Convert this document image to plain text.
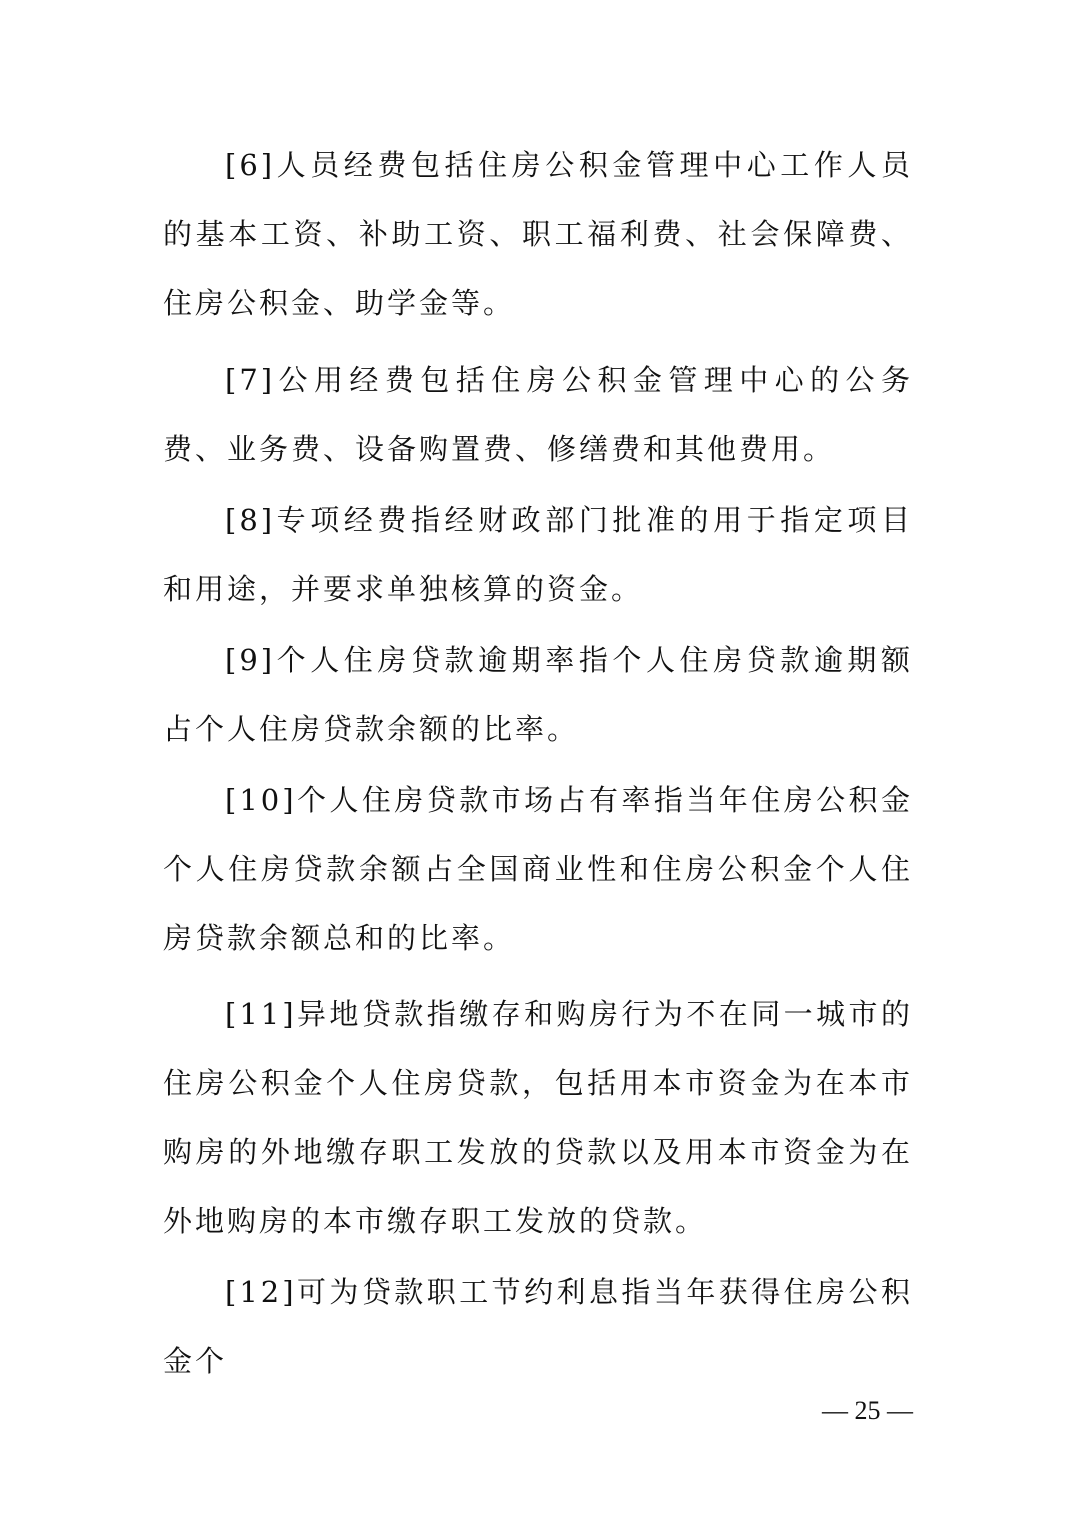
[6]人员经费包括住房公积金管理中心工作人员的基本工资、补助工资、职工福利费、社会保障费、住房公积金、助学金等。

[7]公用经费包括住房公积金管理中心的公务费、业务费、设备购置费、修缮费和其他费用。

[8]专项经费指经财政部门批准的用于指定项目和用途，并要求单独核算的资金。

[9]个人住房贷款逾期率指个人住房贷款逾期额占个人住房贷款余额的比率。

[10]个人住房贷款市场占有率指当年住房公积金个人住房贷款余额占全国商业性和住房公积金个人住房贷款余额总和的比率。

[11]异地贷款指缴存和购房行为不在同一城市的住房公积金个人住房贷款，包括用本市资金为在本市购房的外地缴存职工发放的贷款以及用本市资金为在外地购房的本市缴存职工发放的贷款。

[12]可为贷款职工节约利息指当年获得住房公积金个

— 25 —
